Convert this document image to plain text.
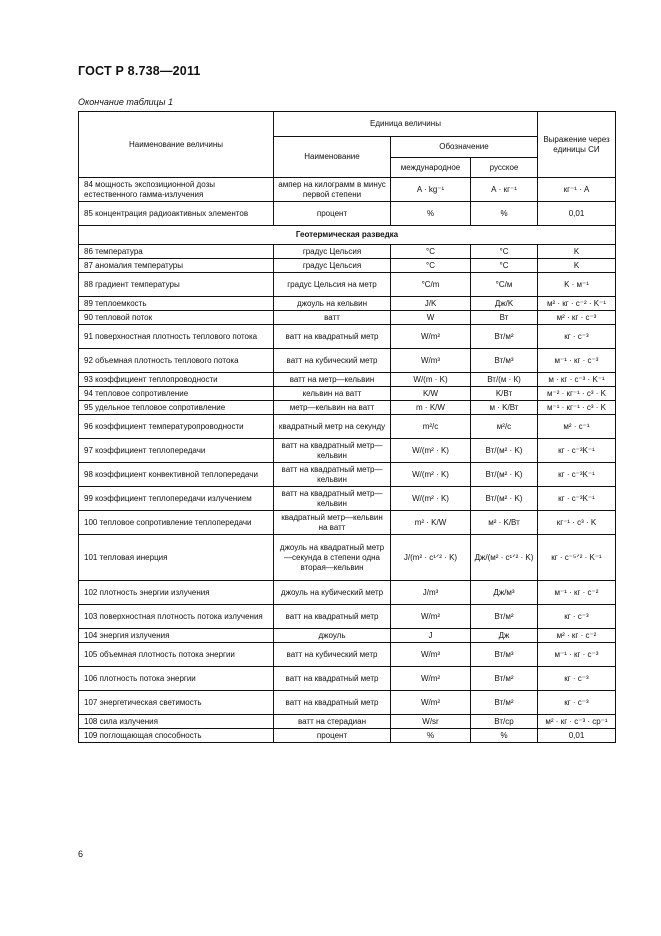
ГОСТ Р 8.738—2011
Окончание таблицы 1
Наименование величины	Единица величины			Выражение через единицы СИ
	Наименование	Обозначение		
		международное	русское	
84 мощность экспозиционной дозы естественного гамма-излучения	ампер на килограмм в минус первой степени	A · kg⁻¹	А · кг⁻¹	кг⁻¹ · А
85 концентрация радиоактивных элементов	процент	%	%	0,01
Геотермическая разведка				
86 температура	градус Цельсия	°C	°C	K
87 аномалия температуры	градус Цельсия	°C	°C	K
88 градиент температуры	градус Цельсия на метр	°C/m	°C/м	K · м⁻¹
89 теплоемкость	джоуль на кельвин	J/K	Дж/K	м² · кг · с⁻² · K⁻¹
90 тепловой поток	ватт	W	Вт	м² · кг · с⁻³
91 поверхностная плотность теплового потока	ватт на квадратный метр	W/m²	Вт/м²	кг · с⁻³
92 объемная плотность теплового потока	ватт на кубический метр	W/m³	Вт/м³	м⁻¹ · кг · с⁻³
93 коэффициент теплопроводности	ватт на метр—кельвин	W/(m · K)	Вт/(м · К)	м · кг · с⁻³ · K⁻¹
94 тепловое сопротивление	кельвин на ватт	K/W	K/Вт	м⁻² · кг⁻¹ · с³ · K
95 удельное тепловое сопротивление	метр—кельвин на ватт	m · K/W	м · K/Вт	м⁻¹ · кг⁻¹ · с³ · K
96 коэффициент температуропроводности	квадратный метр на секунду	m²/c	м²/с	м² · с⁻¹
97 коэффициент теплопередачи	ватт на квадратный метр—кельвин	W/(m² · K)	Вт/(м² · K)	кг · с⁻³K⁻¹
98 коэффициент конвективной теплопередачи	ватт на квадратный метр—кельвин	W/(m² · K)	Вт/(м² · K)	кг · с⁻³K⁻¹
99 коэффициент теплопередачи излучением	ватт на квадратный метр—кельвин	W/(m² · K)	Вт/(м² · K)	кг · с⁻³K⁻¹
100 тепловое сопротивление теплопередачи	квадратный метр—кельвин на ватт	m² · K/W	м² · K/Вт	кг⁻¹ · с³ · K
101 тепловая инерция	джоуль на квадратный метр—секунда в степени одна вторая—кельвин	J/(m² · c¹ᐟ² · K)	Дж/(м² · с¹ᐟ² · K)	кг · с⁻⁵ᐟ² · K⁻¹
102 плотность энергии излучения	джоуль на кубический метр	J/m³	Дж/м³	м⁻¹ · кг · с⁻²
103 поверхностная плотность потока излучения	ватт на квадратный метр	W/m²	Вт/м²	кг · с⁻³
104 энергия излучения	джоуль	J	Дж	м² · кг · с⁻²
105 объемная плотность потока энергии	ватт на кубический метр	W/m³	Вт/м³	м⁻¹ · кг · с⁻³
106 плотность потока энергии	ватт на квадратный метр	W/m²	Вт/м²	кг · с⁻³
107 энергетическая светимость	ватт на квадратный метр	W/m²	Вт/м²	кг · с⁻³
108 сила излучения	ватт на стерадиан	W/sr	Вт/ср	м² · кг · с⁻³ · ср⁻¹
109 поглощающая способность	процент	%	%	0,01
6
